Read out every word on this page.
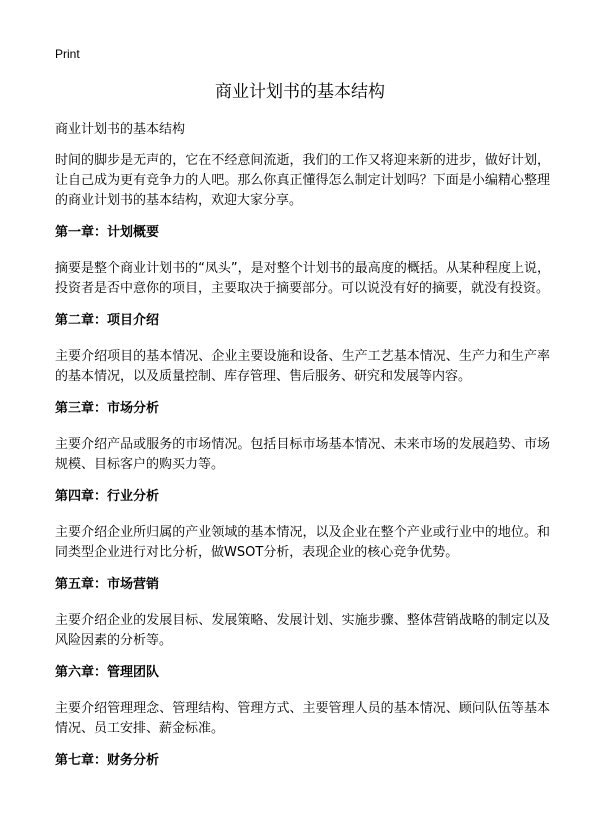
Print
商业计划书的基本结构

商业计划书的基本结构

时间的脚步是无声的，它在不经意间流逝，我们的工作又将迎来新的进步，做好计划，让自己成为更有竞争力的人吧。那么你真正懂得怎么制定计划吗？下面是小编精心整理的商业计划书的基本结构，欢迎大家分享。

第一章：计划概要

摘要是整个商业计划书的“凤头”，是对整个计划书的最高度的概括。从某种程度上说，投资者是否中意你的项目，主要取决于摘要部分。可以说没有好的摘要，就没有投资。

第二章：项目介绍

主要介绍项目的基本情况、企业主要设施和设备、生产工艺基本情况、生产力和生产率的基本情况，以及质量控制、库存管理、售后服务、研究和发展等内容。

第三章：市场分析

主要介绍产品或服务的市场情况。包括目标市场基本情况、未来市场的发展趋势、市场规模、目标客户的购买力等。

第四章：行业分析

主要介绍企业所归属的产业领域的基本情况，以及企业在整个产业或行业中的地位。和同类型企业进行对比分析，做WSOT分析，表现企业的核心竞争优势。

第五章：市场营销

主要介绍企业的发展目标、发展策略、发展计划、实施步骤、整体营销战略的制定以及风险因素的分析等。

第六章：管理团队

主要介绍管理理念、管理结构、管理方式、主要管理人员的基本情况、顾问队伍等基本情况、员工安排、薪金标准。

第七章：财务分析
